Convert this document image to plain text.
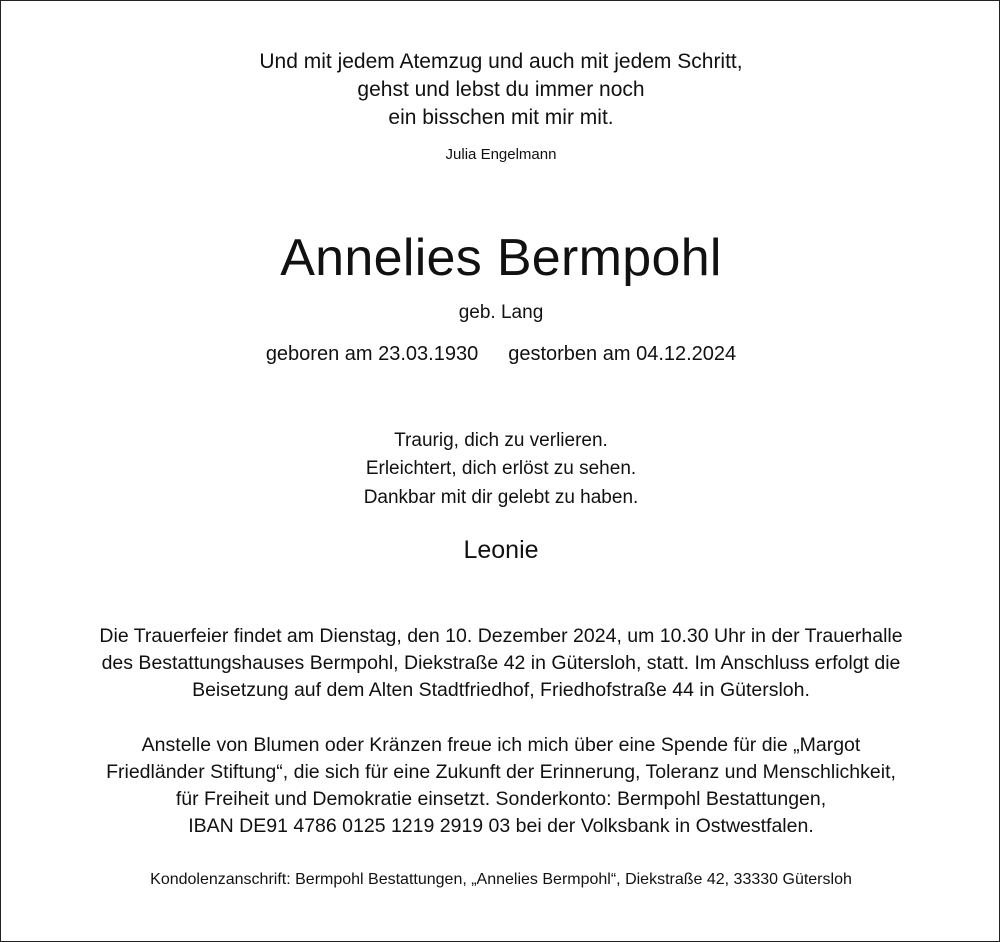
Und mit jedem Atemzug und auch mit jedem Schritt,
gehst und lebst du immer noch
ein bisschen mit mir mit.
Julia Engelmann
Annelies Bermpohl
geb. Lang
geboren am 23.03.1930 gestorben am 04.12.2024
Traurig, dich zu verlieren.
Erleichtert, dich erlöst zu sehen.
Dankbar mit dir gelebt zu haben.
Leonie
Die Trauerfeier findet am Dienstag, den 10. Dezember 2024, um 10.30 Uhr in der Trauerhalle
des Bestattungshauses Bermpohl, Diekstraße 42 in Gütersloh, statt. Im Anschluss erfolgt die
Beisetzung auf dem Alten Stadtfriedhof, Friedhofstraße 44 in Gütersloh.
Anstelle von Blumen oder Kränzen freue ich mich über eine Spende für die „Margot
Friedländer Stiftung“, die sich für eine Zukunft der Erinnerung, Toleranz und Menschlichkeit,
für Freiheit und Demokratie einsetzt. Sonderkonto: Bermpohl Bestattungen,
IBAN DE91 4786 0125 1219 2919 03 bei der Volksbank in Ostwestfalen.
Kondolenzanschrift: Bermpohl Bestattungen, „Annelies Bermpohl“, Diekstraße 42, 33330 Gütersloh
